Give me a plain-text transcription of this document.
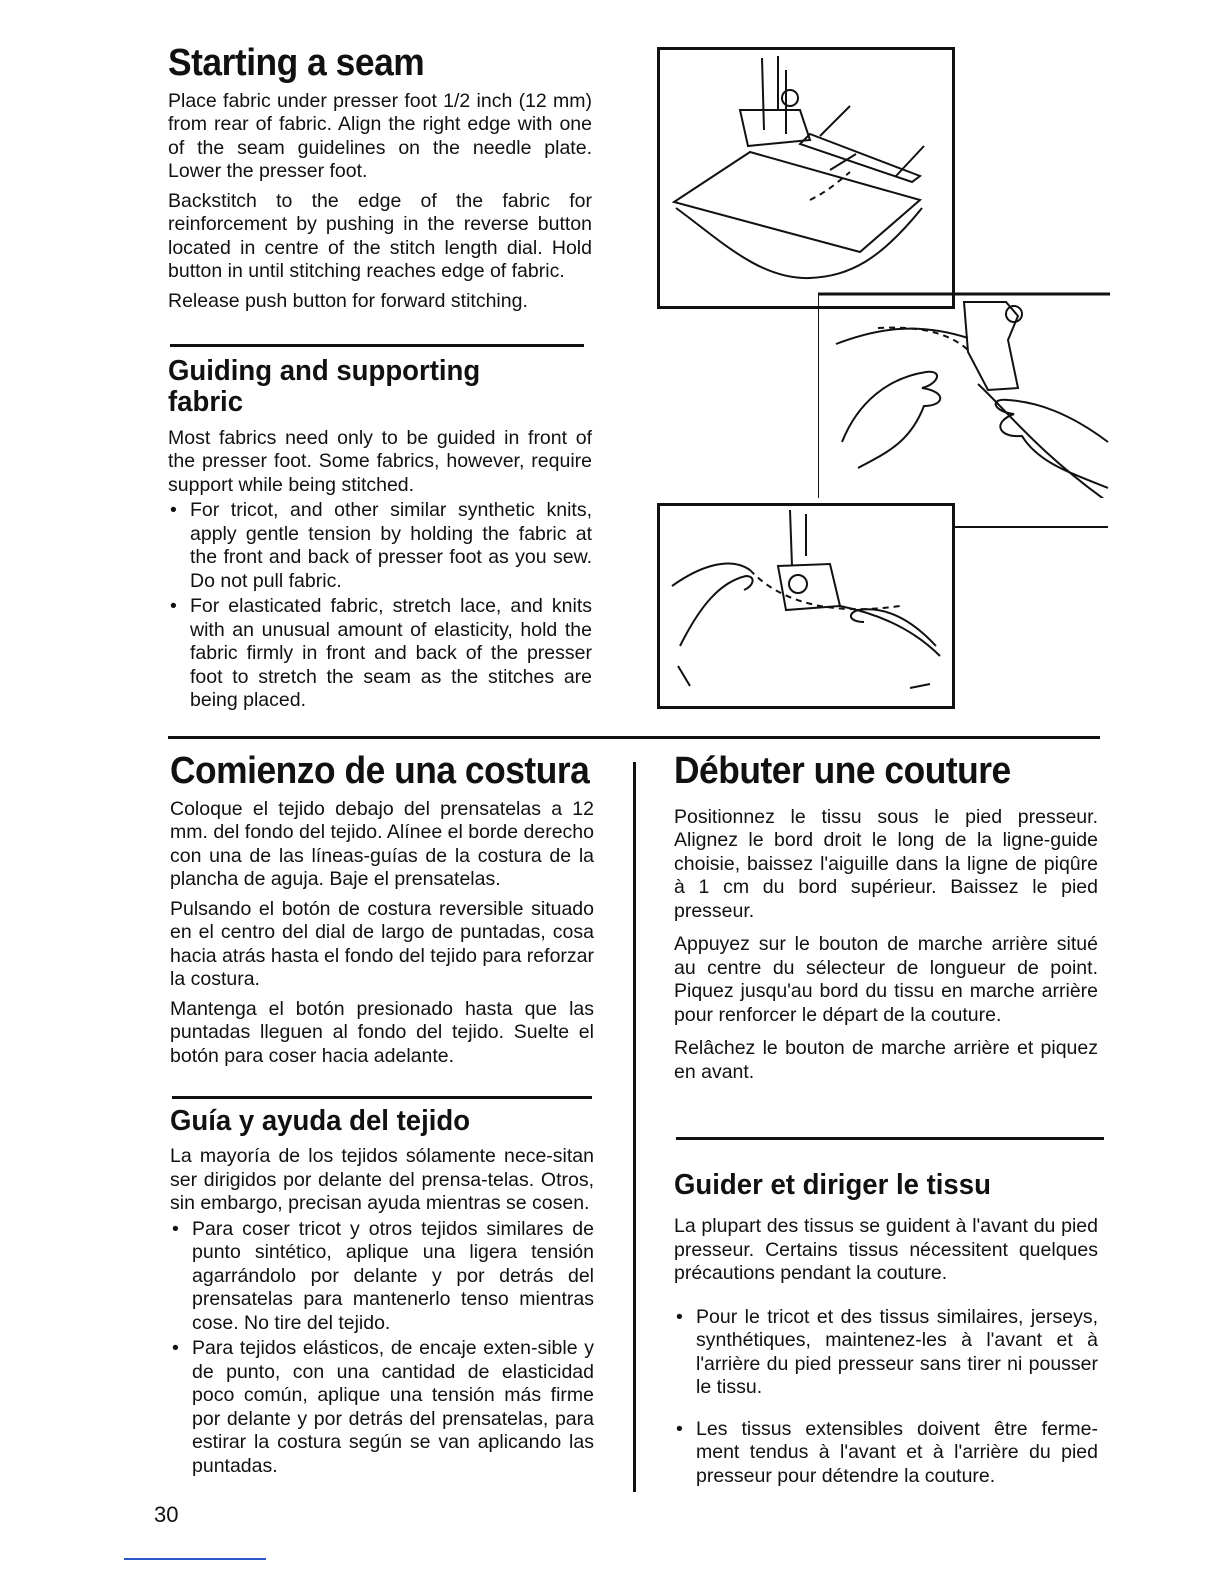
Starting a seam

Place fabric under presser foot 1/2 inch (12 mm) from rear of fabric. Align the right edge with one of the seam guidelines on the needle plate. Lower the presser foot.

Backstitch to the edge of the fabric for reinforcement by pushing in the reverse button located in centre of the stitch length dial. Hold button in until stitching reaches edge of fabric.

Release push button for forward stitching.

Guiding and supporting fabric

Most fabrics need only to be guided in front of the presser foot. Some fabrics, however, require support while being stitched.

• For tricot, and other similar synthetic knits, apply gentle tension by holding the fabric at the front and back of presser foot as you sew. Do not pull fabric.
• For elasticated fabric, stretch lace, and knits with an unusual amount of elasticity, hold the fabric firmly in front and back of the presser foot to stretch the seam as the stitches are being placed.
Comienzo de una costura

Coloque el tejido debajo del prensatelas a 12 mm. del fondo del tejido. Alínee el borde derecho con una de las líneas-guías de la costura de la plancha de aguja. Baje el prensatelas.

Pulsando el botón de costura reversible situado en el centro del dial de largo de puntadas, cosa hacia atrás hasta el fondo del tejido para reforzar la costura.

Mantenga el botón presionado hasta que las puntadas lleguen al fondo del tejido. Suelte el botón para coser hacia adelante.

Guía y ayuda del tejido

La mayoría de los tejidos sólamente nece-sitan ser dirigidos por delante del prensa-telas. Otros, sin embargo, precisan ayuda mientras se cosen.

• Para coser tricot y otros tejidos similares de punto sintético, aplique una ligera tensión agarrándolo por delante y por detrás del prensatelas para mantenerlo tenso mientras cose. No tire del tejido.
• Para tejidos elásticos, de encaje exten-sible y de punto, con una cantidad de elasticidad poco común, aplique una tensión más firme por delante y por detrás del prensatelas, para estirar la costura según se van aplicando las puntadas.
Débuter une couture

Positionnez le tissu sous le pied presseur. Alignez le bord droit le long de la ligne-guide choisie, baissez l'aiguille dans la ligne de piqûre à 1 cm du bord supérieur. Baissez le pied presseur.

Appuyez sur le bouton de marche arrière situé au centre du sélecteur de longueur de point. Piquez jusqu'au bord du tissu en marche arrière pour renforcer le départ de la couture.

Relâchez le bouton de marche arrière et piquez en avant.

Guider et diriger le tissu

La plupart des tissus se guident à l'avant du pied presseur. Certains tissus nécessitent quelques précautions pendant la couture.

• Pour le tricot et des tissus similaires, jerseys, synthétiques, maintenez-les à l'avant et à l'arrière du pied presseur sans tirer ni pousser le tissu.
• Les tissus extensibles doivent être ferme-ment tendus à l'avant et à l'arrière du pied presseur pour détendre la couture.
30
